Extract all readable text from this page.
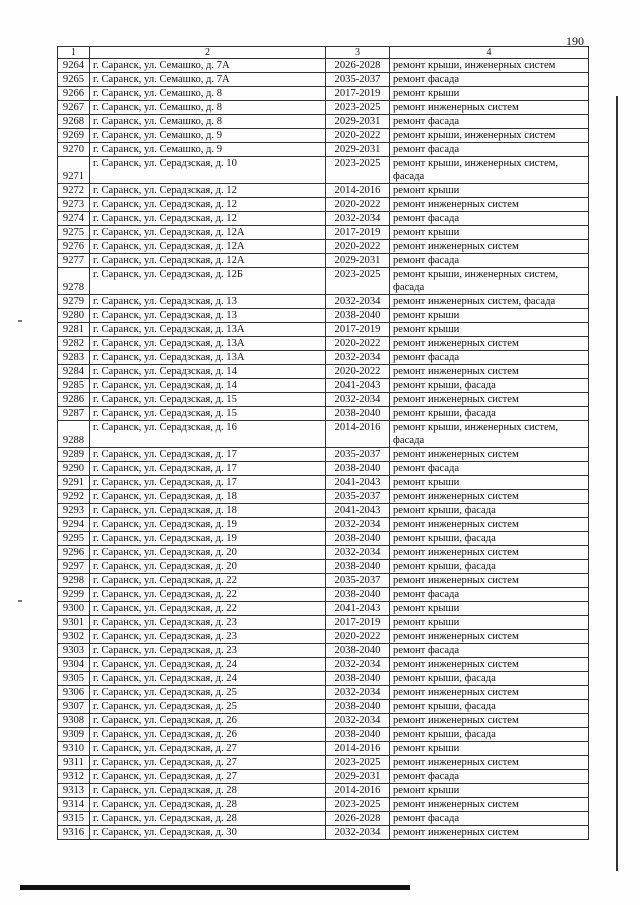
190
1	2	3	4
9264	г. Саранск, ул. Семашко, д. 7А	2026-2028	ремонт крыши, инженерных систем
9265	г. Саранск, ул. Семашко, д. 7А	2035-2037	ремонт фасада
9266	г. Саранск, ул. Семашко, д. 8	2017-2019	ремонт крыши
9267	г. Саранск, ул. Семашко, д. 8	2023-2025	ремонт инженерных систем
9268	г. Саранск, ул. Семашко, д. 8	2029-2031	ремонт фасада
9269	г. Саранск, ул. Семашко, д. 9	2020-2022	ремонт крыши, инженерных систем
9270	г. Саранск, ул. Семашко, д. 9	2029-2031	ремонт фасада
9271	г. Саранск, ул. Серадзская, д. 10	2023-2025	ремонт крыши, инженерных систем, фасада
9272	г. Саранск, ул. Серадзская, д. 12	2014-2016	ремонт крыши
9273	г. Саранск, ул. Серадзская, д. 12	2020-2022	ремонт инженерных систем
9274	г. Саранск, ул. Серадзская, д. 12	2032-2034	ремонт фасада
9275	г. Саранск, ул. Серадзская, д. 12А	2017-2019	ремонт крыши
9276	г. Саранск, ул. Серадзская, д. 12А	2020-2022	ремонт инженерных систем
9277	г. Саранск, ул. Серадзская, д. 12А	2029-2031	ремонт фасада
9278	г. Саранск, ул. Серадзская, д. 12Б	2023-2025	ремонт крыши, инженерных систем, фасада
9279	г. Саранск, ул. Серадзская, д. 13	2032-2034	ремонт инженерных систем, фасада
9280	г. Саранск, ул. Серадзская, д. 13	2038-2040	ремонт крыши
9281	г. Саранск, ул. Серадзская, д. 13А	2017-2019	ремонт крыши
9282	г. Саранск, ул. Серадзская, д. 13А	2020-2022	ремонт инженерных систем
9283	г. Саранск, ул. Серадзская, д. 13А	2032-2034	ремонт фасада
9284	г. Саранск, ул. Серадзская, д. 14	2020-2022	ремонт инженерных систем
9285	г. Саранск, ул. Серадзская, д. 14	2041-2043	ремонт крыши, фасада
9286	г. Саранск, ул. Серадзская, д. 15	2032-2034	ремонт инженерных систем
9287	г. Саранск, ул. Серадзская, д. 15	2038-2040	ремонт крыши, фасада
9288	г. Саранск, ул. Серадзская, д. 16	2014-2016	ремонт крыши, инженерных систем, фасада
9289	г. Саранск, ул. Серадзская, д. 17	2035-2037	ремонт инженерных систем
9290	г. Саранск, ул. Серадзская, д. 17	2038-2040	ремонт фасада
9291	г. Саранск, ул. Серадзская, д. 17	2041-2043	ремонт крыши
9292	г. Саранск, ул. Серадзская, д. 18	2035-2037	ремонт инженерных систем
9293	г. Саранск, ул. Серадзская, д. 18	2041-2043	ремонт крыши, фасада
9294	г. Саранск, ул. Серадзская, д. 19	2032-2034	ремонт инженерных систем
9295	г. Саранск, ул. Серадзская, д. 19	2038-2040	ремонт крыши, фасада
9296	г. Саранск, ул. Серадзская, д. 20	2032-2034	ремонт инженерных систем
9297	г. Саранск, ул. Серадзская, д. 20	2038-2040	ремонт крыши, фасада
9298	г. Саранск, ул. Серадзская, д. 22	2035-2037	ремонт инженерных систем
9299	г. Саранск, ул. Серадзская, д. 22	2038-2040	ремонт фасада
9300	г. Саранск, ул. Серадзская, д. 22	2041-2043	ремонт крыши
9301	г. Саранск, ул. Серадзская, д. 23	2017-2019	ремонт крыши
9302	г. Саранск, ул. Серадзская, д. 23	2020-2022	ремонт инженерных систем
9303	г. Саранск, ул. Серадзская, д. 23	2038-2040	ремонт фасада
9304	г. Саранск, ул. Серадзская, д. 24	2032-2034	ремонт инженерных систем
9305	г. Саранск, ул. Серадзская, д. 24	2038-2040	ремонт крыши, фасада
9306	г. Саранск, ул. Серадзская, д. 25	2032-2034	ремонт инженерных систем
9307	г. Саранск, ул. Серадзская, д. 25	2038-2040	ремонт крыши, фасада
9308	г. Саранск, ул. Серадзская, д. 26	2032-2034	ремонт инженерных систем
9309	г. Саранск, ул. Серадзская, д. 26	2038-2040	ремонт крыши, фасада
9310	г. Саранск, ул. Серадзская, д. 27	2014-2016	ремонт крыши
9311	г. Саранск, ул. Серадзская, д. 27	2023-2025	ремонт инженерных систем
9312	г. Саранск, ул. Серадзская, д. 27	2029-2031	ремонт фасада
9313	г. Саранск, ул. Серадзская, д. 28	2014-2016	ремонт крыши
9314	г. Саранск, ул. Серадзская, д. 28	2023-2025	ремонт инженерных систем
9315	г. Саранск, ул. Серадзская, д. 28	2026-2028	ремонт фасада
9316	г. Саранск, ул. Серадзская, д. 30	2032-2034	ремонт инженерных систем
